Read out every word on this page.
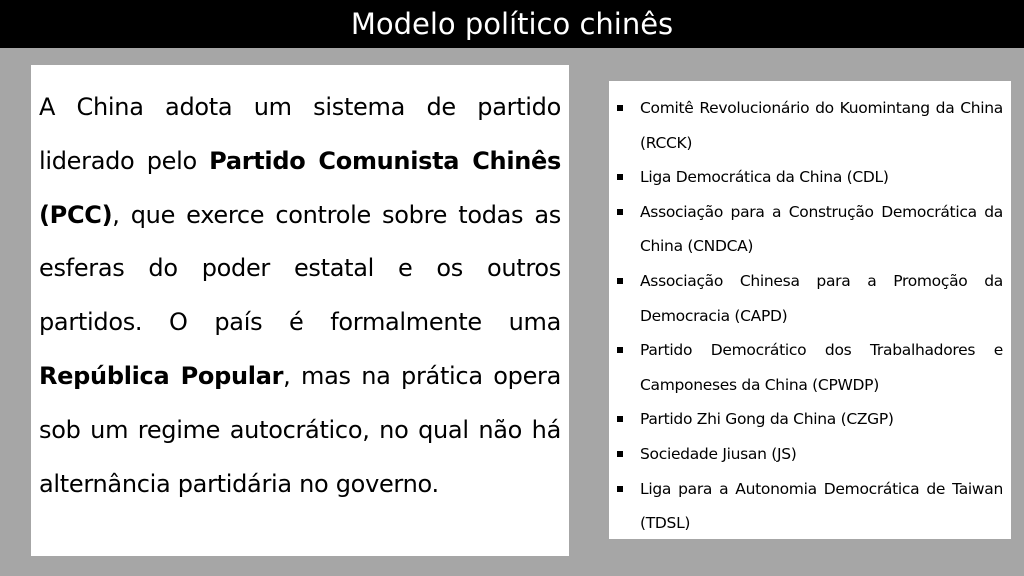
Modelo político chinês

A China adota um sistema de partido liderado pelo Partido Comunista Chinês (PCC), que exerce controle sobre todas as esferas do poder estatal e os outros partidos. O país é formalmente uma República Popular, mas na prática opera sob um regime autocrático, no qual não há alternância partidária no governo.

Comitê Revolucionário do Kuomintang da China (RCCK)
Liga Democrática da China (CDL)
Associação para a Construção Democrática da China (CNDCA)
Associação Chinesa para a Promoção da Democracia (CAPD)
Partido Democrático dos Trabalhadores e Camponeses da China (CPWDP)
Partido Zhi Gong da China (CZGP)
Sociedade Jiusan (JS)
Liga para a Autonomia Democrática de Taiwan (TDSL)
